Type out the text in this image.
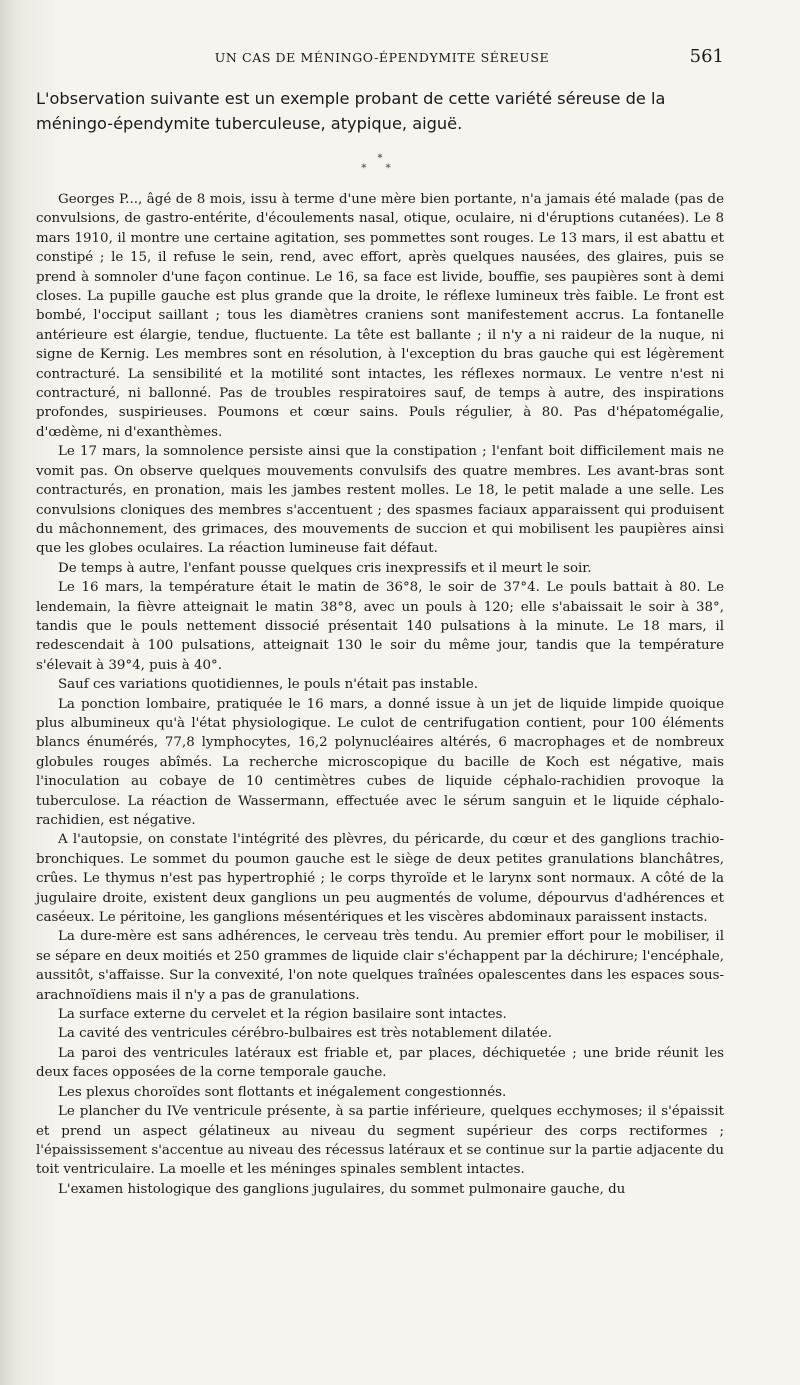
UN CAS DE MÉNINGO-ÉPENDYMITE SÉREUSE	561

L'observation suivante est un exemple probant de cette variété séreuse de la méningo-épendymite tuberculeuse, atypique, aiguë.

*
* *

Georges P..., âgé de 8 mois, issu à terme d'une mère bien portante, n'a jamais été malade (pas de convulsions, de gastro-entérite, d'écoulements nasal, otique, oculaire, ni d'éruptions cutanées). Le 8 mars 1910, il montre une certaine agitation, ses pommettes sont rouges. Le 13 mars, il est abattu et constipé ; le 15, il refuse le sein, rend, avec effort, après quelques nausées, des glaires, puis se prend à somnoler d'une façon continue. Le 16, sa face est livide, bouffie, ses paupières sont à demi closes. La pupille gauche est plus grande que la droite, le réflexe lumineux très faible. Le front est bombé, l'occiput saillant ; tous les diamètres craniens sont manifestement accrus. La fontanelle antérieure est élargie, tendue, fluctuente. La tête est ballante ; il n'y a ni raideur de la nuque, ni signe de Kernig. Les membres sont en résolution, à l'exception du bras gauche qui est légèrement contracturé. La sensibilité et la motilité sont intactes, les réflexes normaux. Le ventre n'est ni contracturé, ni ballonné. Pas de troubles respiratoires sauf, de temps à autre, des inspirations profondes, suspirieuses. Poumons et cœur sains. Pouls régulier, à 80. Pas d'hépatomégalie, d'œdème, ni d'exanthèmes.

Le 17 mars, la somnolence persiste ainsi que la constipation ; l'enfant boit difficilement mais ne vomit pas. On observe quelques mouvements convulsifs des quatre membres. Les avant-bras sont contracturés, en pronation, mais les jambes restent molles. Le 18, le petit malade a une selle. Les convulsions cloniques des membres s'accentuent ; des spasmes faciaux apparaissent qui produisent du mâchonnement, des grimaces, des mouvements de succion et qui mobilisent les paupières ainsi que les globes oculaires. La réaction lumineuse fait défaut.

De temps à autre, l'enfant pousse quelques cris inexpressifs et il meurt le soir.

Le 16 mars, la température était le matin de 36°8, le soir de 37°4. Le pouls battait à 80. Le lendemain, la fièvre atteignait le matin 38°8, avec un pouls à 120; elle s'abaissait le soir à 38°, tandis que le pouls nettement dissocié présentait 140 pulsations à la minute. Le 18 mars, il redescendait à 100 pulsations, atteignait 130 le soir du même jour, tandis que la température s'élevait à 39°4, puis à 40°.

Sauf ces variations quotidiennes, le pouls n'était pas instable.

La ponction lombaire, pratiquée le 16 mars, a donné issue à un jet de liquide limpide quoique plus albumineux qu'à l'état physiologique. Le culot de centrifugation contient, pour 100 éléments blancs énumérés, 77,8 lymphocytes, 16,2 polynucléaires altérés, 6 macrophages et de nombreux globules rouges abîmés. La recherche microscopique du bacille de Koch est négative, mais l'inoculation au cobaye de 10 centimètres cubes de liquide céphalo-rachidien provoque la tuberculose. La réaction de Wassermann, effectuée avec le sérum sanguin et le liquide céphalo-rachidien, est négative.

A l'autopsie, on constate l'intégrité des plèvres, du péricarde, du cœur et des ganglions trachio-bronchiques. Le sommet du poumon gauche est le siège de deux petites granulations blanchâtres, crûes. Le thymus n'est pas hypertrophié ; le corps thyroïde et le larynx sont normaux. A côté de la jugulaire droite, existent deux ganglions un peu augmentés de volume, dépourvus d'adhérences et caséeux. Le péritoine, les ganglions mésentériques et les viscères abdominaux paraissent instacts.

La dure-mère est sans adhérences, le cerveau très tendu. Au premier effort pour le mobiliser, il se sépare en deux moitiés et 250 grammes de liquide clair s'échappent par la déchirure; l'encéphale, aussitôt, s'affaisse. Sur la convexité, l'on note quelques traînées opalescentes dans les espaces sous-arachnoïdiens mais il n'y a pas de granulations.

La surface externe du cervelet et la région basilaire sont intactes.

La cavité des ventricules cérébro-bulbaires est très notablement dilatée.

La paroi des ventricules latéraux est friable et, par places, déchiquetée ; une bride réunit les deux faces opposées de la corne temporale gauche.

Les plexus choroïdes sont flottants et inégalement congestionnés.

Le plancher du IVe ventricule présente, à sa partie inférieure, quelques ecchymoses; il s'épaissit et prend un aspect gélatineux au niveau du segment supérieur des corps rectiformes ; l'épaississement s'accentue au niveau des récessus latéraux et se continue sur la partie adjacente du toit ventriculaire. La moelle et les méninges spinales semblent intactes.

L'examen histologique des ganglions jugulaires, du sommet pulmonaire gauche, du
